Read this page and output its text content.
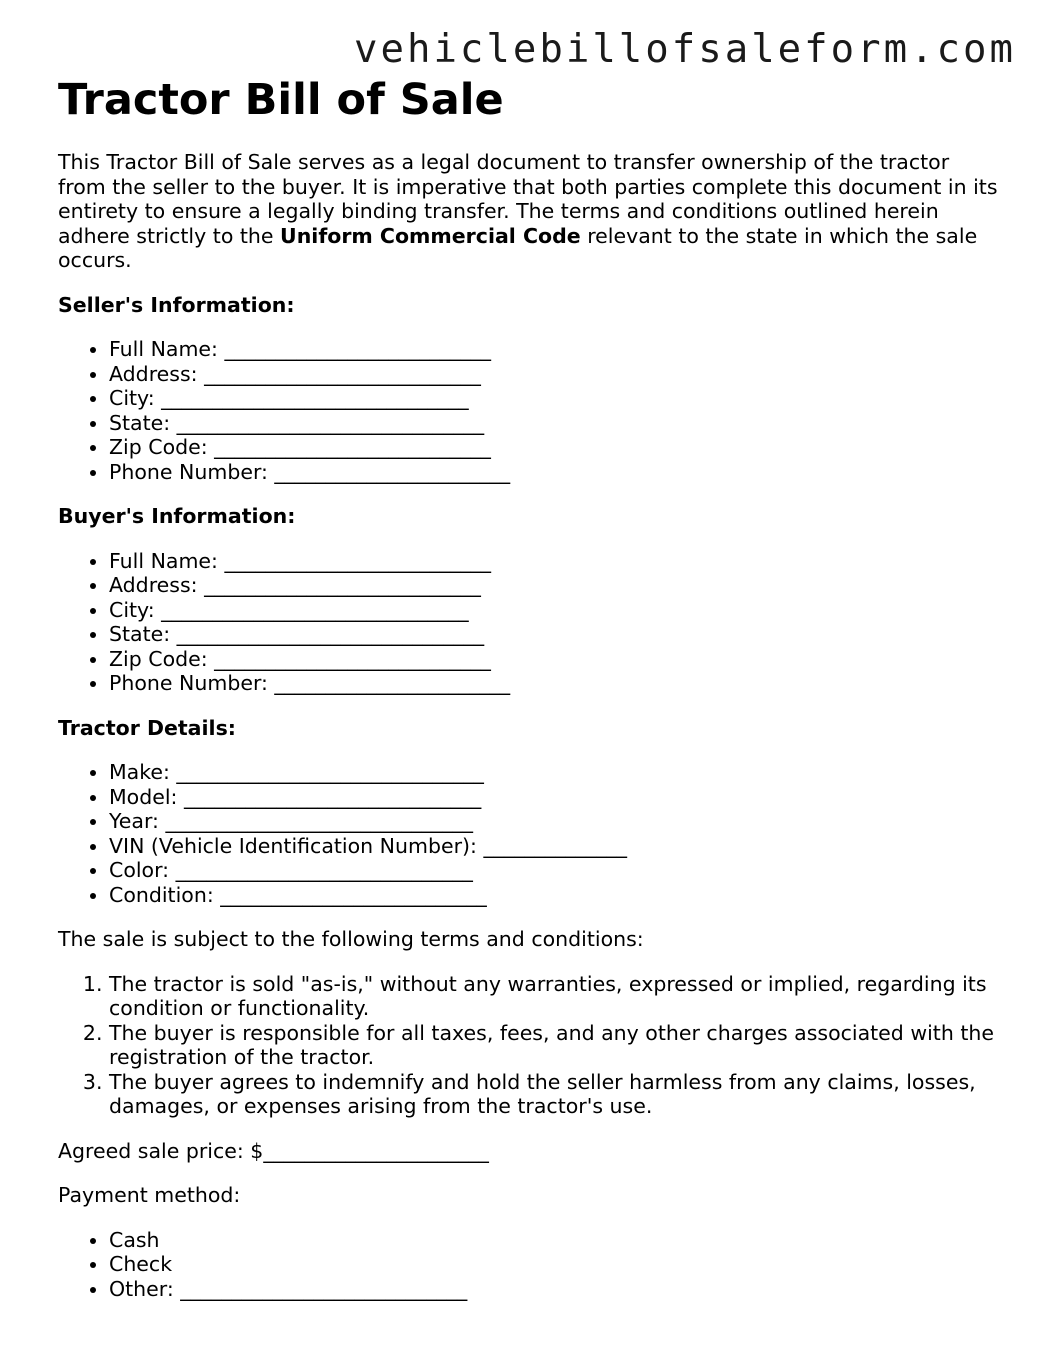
vehiclebillofsaleform.com
Tractor Bill of Sale

This Tractor Bill of Sale serves as a legal document to transfer ownership of the tractor from the seller to the buyer. It is imperative that both parties complete this document in its entirety to ensure a legally binding transfer. The terms and conditions outlined herein adhere strictly to the Uniform Commercial Code relevant to the state in which the sale occurs.

Seller's Information:
• Full Name: __________________________
• Address: ___________________________
• City: ______________________________
• State: ______________________________
• Zip Code: ___________________________
• Phone Number: _______________________
Buyer's Information:
• Full Name: __________________________
• Address: ___________________________
• City: ______________________________
• State: ______________________________
• Zip Code: ___________________________
• Phone Number: _______________________
Tractor Details:
• Make: ______________________________
• Model: _____________________________
• Year: ______________________________
• VIN (Vehicle Identification Number): ______________
• Color: _____________________________
• Condition: __________________________

The sale is subject to the following terms and conditions:

1. The tractor is sold "as-is," without any warranties, expressed or implied, regarding its condition or functionality.
2. The buyer is responsible for all taxes, fees, and any other charges associated with the registration of the tractor.
3. The buyer agrees to indemnify and hold the seller harmless from any claims, losses, damages, or expenses arising from the tractor's use.

Agreed sale price: $______________________

Payment method:

• Cash
• Check
• Other: ____________________________
